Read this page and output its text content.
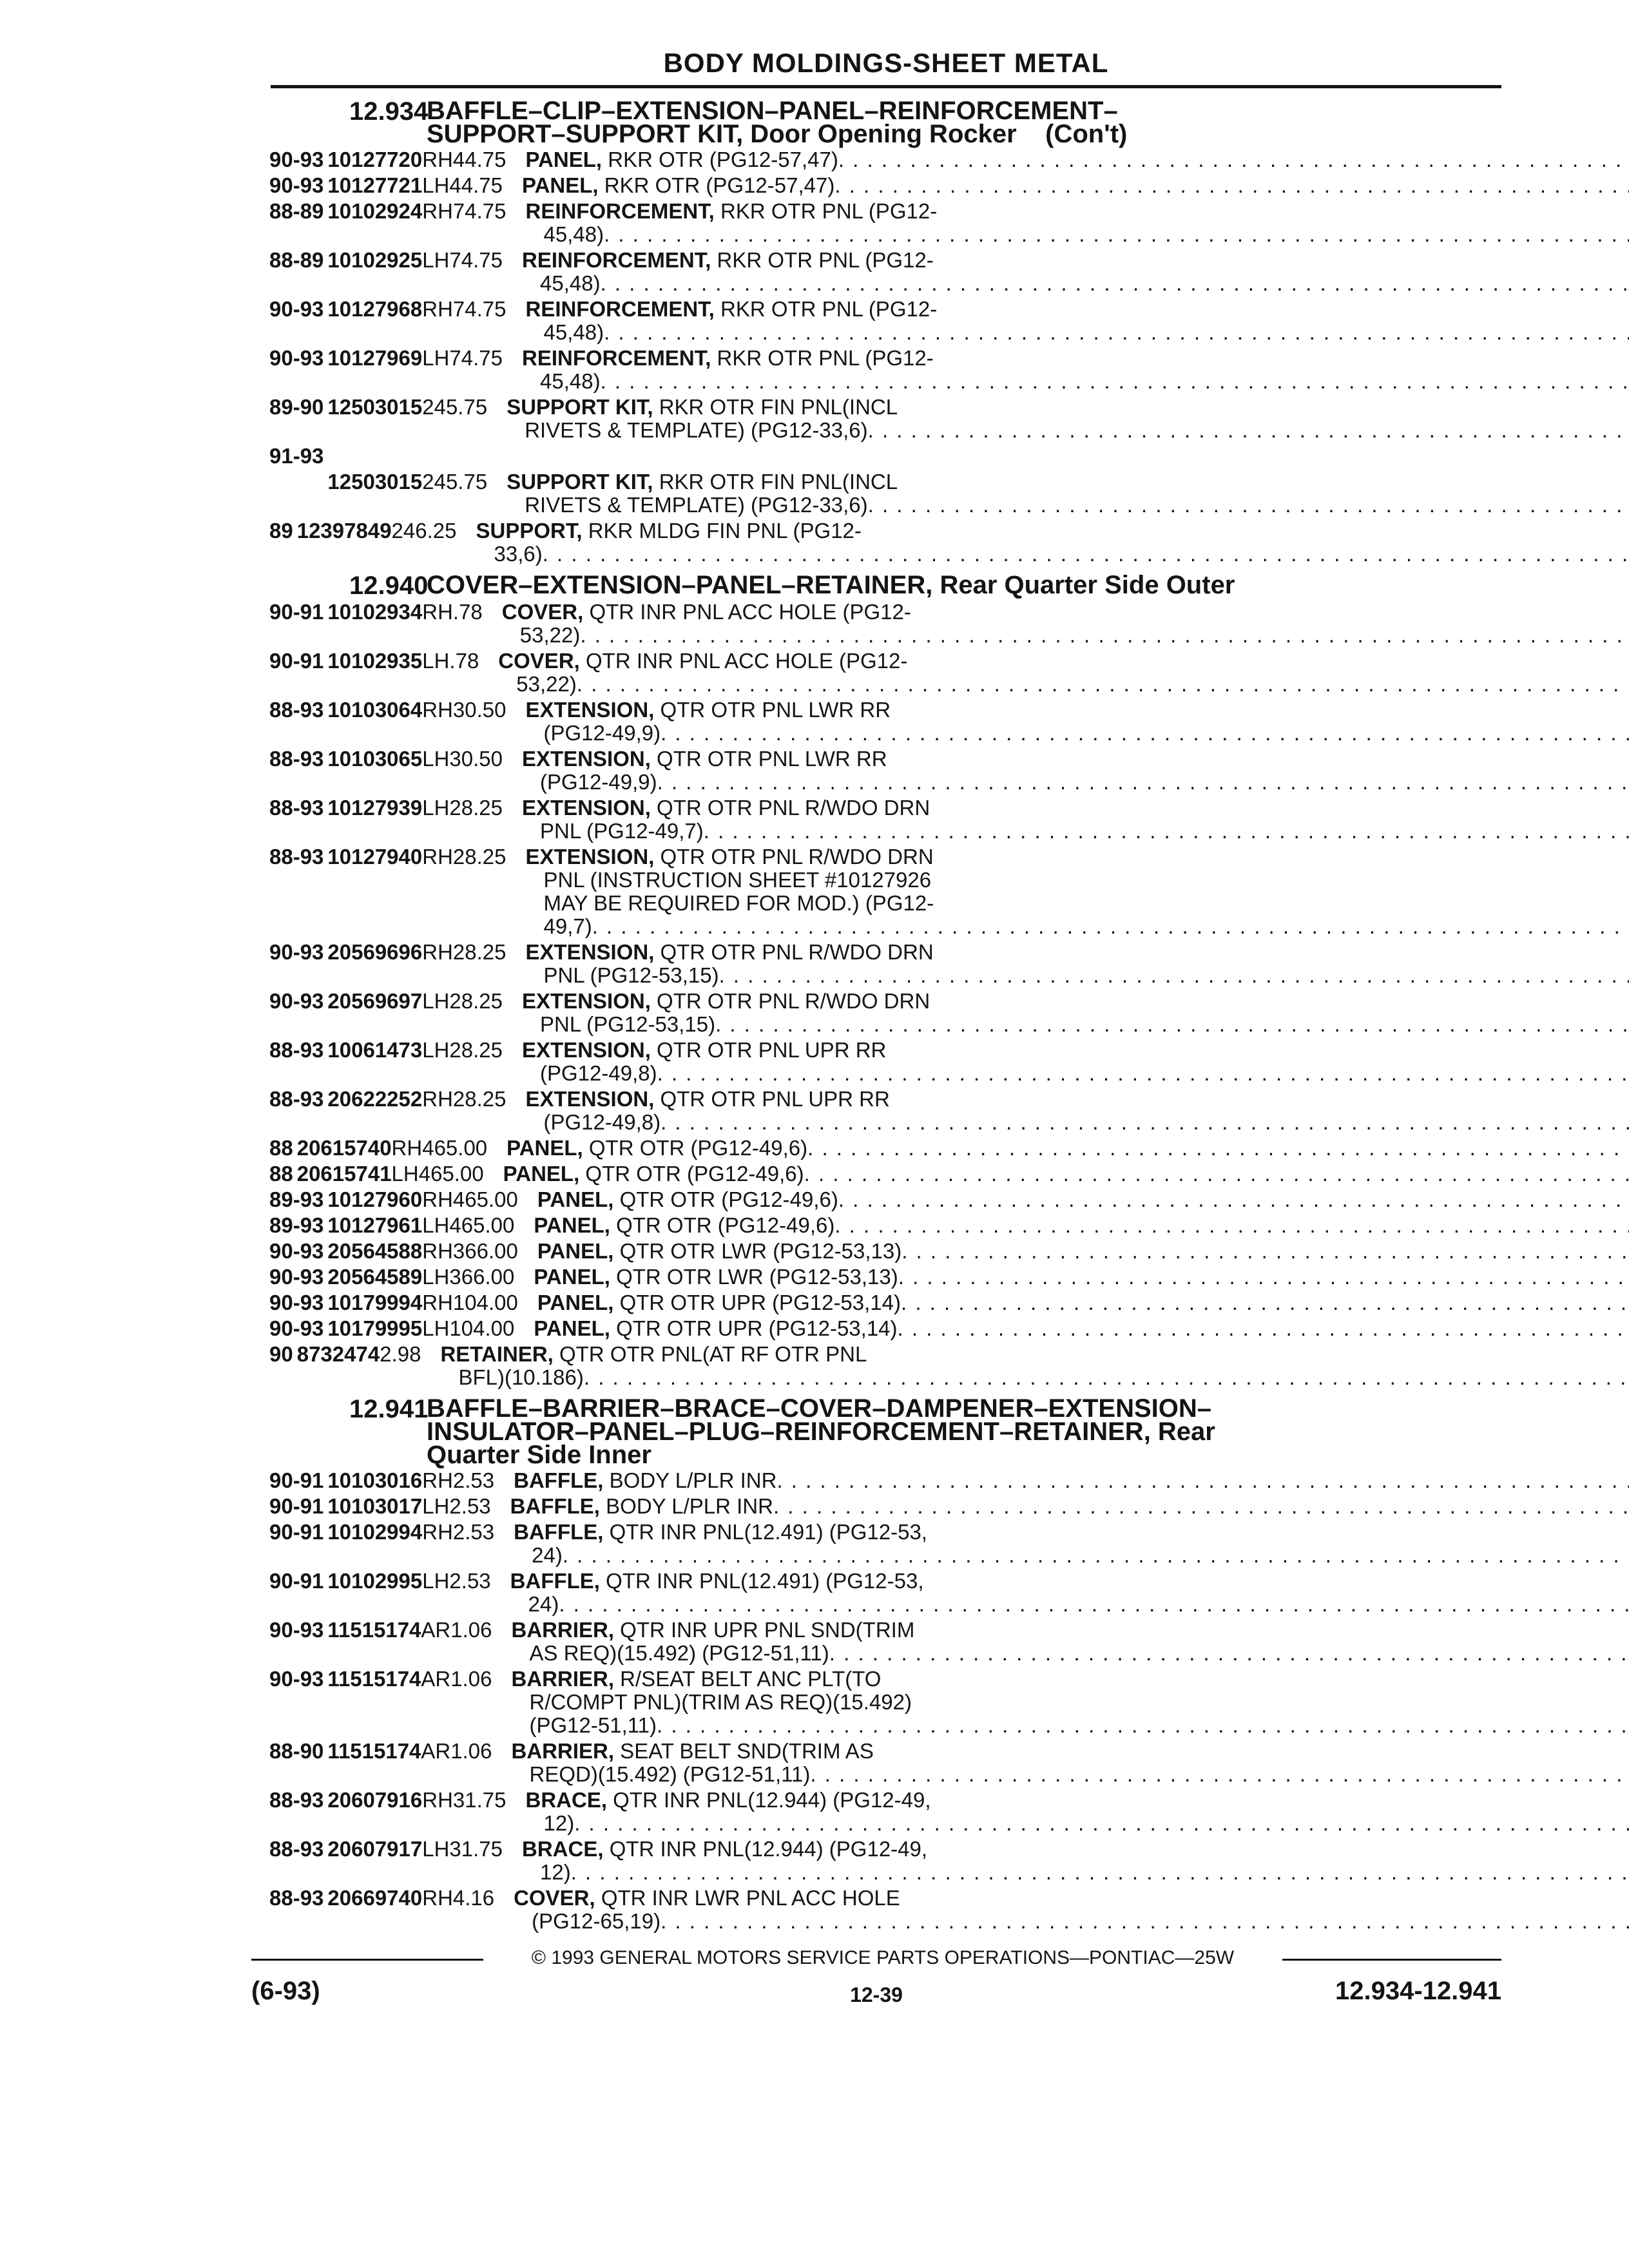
BODY MOLDINGS-SHEET METAL
12.934
BAFFLE–CLIP–EXTENSION–PANEL–REINFORCEMENT–
SUPPORT–SUPPORT KIT, Door Opening Rocker    (Con't)
90-93 10127720 RH 44.75 PANEL, RKR OTR (PG12-57,47)
. . .
90-93 10127721 LH 44.75 PANEL, RKR OTR (PG12-57,47)
. . .
88-89 10102924 RH 74.75 REINFORCEMENT, RKR OTR PNL (PG12-
45,48)
. . .
88-89 10102925 LH 74.75 REINFORCEMENT, RKR OTR PNL (PG12-
45,48)
. . .
90-93 10127968 RH 74.75 REINFORCEMENT, RKR OTR PNL (PG12-
45,48)
. . .
90-93 10127969 LH 74.75 REINFORCEMENT, RKR OTR PNL (PG12-
45,48)
. . .
89-90 12503015 2 45.75 SUPPORT KIT, RKR OTR FIN PNL(INCL
RIVETS & TEMPLATE) (PG12-33,6)
. . .
91-93
12503015 2 45.75 SUPPORT KIT, RKR OTR FIN PNL(INCL
RIVETS & TEMPLATE) (PG12-33,6)
. . .
89 12397849 2 46.25 SUPPORT, RKR MLDG FIN PNL (PG12-
33,6)
. . .
12.940
COVER–EXTENSION–PANEL–RETAINER, Rear Quarter Side Outer
90-91 10102934 RH .78 COVER, QTR INR PNL ACC HOLE (PG12-
53,22)
. . .
90-91 10102935 LH .78 COVER, QTR INR PNL ACC HOLE (PG12-
53,22)
. . .
88-93 10103064 RH 30.50 EXTENSION, QTR OTR PNL LWR RR
(PG12-49,9)
. . .
88-93 10103065 LH 30.50 EXTENSION, QTR OTR PNL LWR RR
(PG12-49,9)
. . .
88-93 10127939 LH 28.25 EXTENSION, QTR OTR PNL R/WDO DRN
PNL (PG12-49,7)
. . .
88-93 10127940 RH 28.25 EXTENSION, QTR OTR PNL R/WDO DRN
PNL (INSTRUCTION SHEET #10127926
MAY BE REQUIRED FOR MOD.) (PG12-
49,7)
. . .
90-93 20569696 RH 28.25 EXTENSION, QTR OTR PNL R/WDO DRN
PNL (PG12-53,15)
. . .
90-93 20569697 LH 28.25 EXTENSION, QTR OTR PNL R/WDO DRN
PNL (PG12-53,15)
. . .
88-93 10061473 LH 28.25 EXTENSION, QTR OTR PNL UPR RR
(PG12-49,8)
. . .
88-93 20622252 RH 28.25 EXTENSION, QTR OTR PNL UPR RR
(PG12-49,8)
. . .
88 20615740 RH 465.00 PANEL, QTR OTR (PG12-49,6)
. . .
88 20615741 LH 465.00 PANEL, QTR OTR (PG12-49,6)
. . .
89-93 10127960 RH 465.00 PANEL, QTR OTR (PG12-49,6)
. . .
89-93 10127961 LH 465.00 PANEL, QTR OTR (PG12-49,6)
. . .
90-93 20564588 RH 366.00 PANEL, QTR OTR LWR (PG12-53,13)
. . .
90-93 20564589 LH 366.00 PANEL, QTR OTR LWR (PG12-53,13)
. . .
90-93 10179994 RH 104.00 PANEL, QTR OTR UPR (PG12-53,14)
. . .
90-93 10179995 LH 104.00 PANEL, QTR OTR UPR (PG12-53,14)
. . .
90 8732474 2 .98 RETAINER, QTR OTR PNL(AT RF OTR PNL
BFL)(10.186)
. . .
12.941
BAFFLE–BARRIER–BRACE–COVER–DAMPENER–EXTENSION–
INSULATOR–PANEL–PLUG–REINFORCEMENT–RETAINER, Rear
Quarter Side Inner
90-91 10103016 RH 2.53 BAFFLE, BODY L/PLR INR
. . .
90-91 10103017 LH 2.53 BAFFLE, BODY L/PLR INR
. . .
90-91 10102994 RH 2.53 BAFFLE, QTR INR PNL(12.491) (PG12-53,
24)
. . .
90-91 10102995 LH 2.53 BAFFLE, QTR INR PNL(12.491) (PG12-53,
24)
. . .
90-93 11515174 AR 1.06 BARRIER, QTR INR UPR PNL SND(TRIM
AS REQ)(15.492) (PG12-51,11)
. . .
90-93 11515174 AR 1.06 BARRIER, R/SEAT BELT ANC PLT(TO
R/COMPT PNL)(TRIM AS REQ)(15.492)
(PG12-51,11)
. . .
88-90 11515174 AR 1.06 BARRIER, SEAT BELT SND(TRIM AS
REQD)(15.492) (PG12-51,11)
. . .
88-93 20607916 RH 31.75 BRACE, QTR INR PNL(12.944) (PG12-49,
12)
. . .
88-93 20607917 LH 31.75 BRACE, QTR INR PNL(12.944) (PG12-49,
12)
. . .
88-93 20669740 RH 4.16 COVER, QTR INR LWR PNL ACC HOLE
(PG12-65,19)
. . .
© 1993 GENERAL MOTORS SERVICE PARTS OPERATIONS—PONTIAC—25W
(6-93)	12-39	12.934-12.941
